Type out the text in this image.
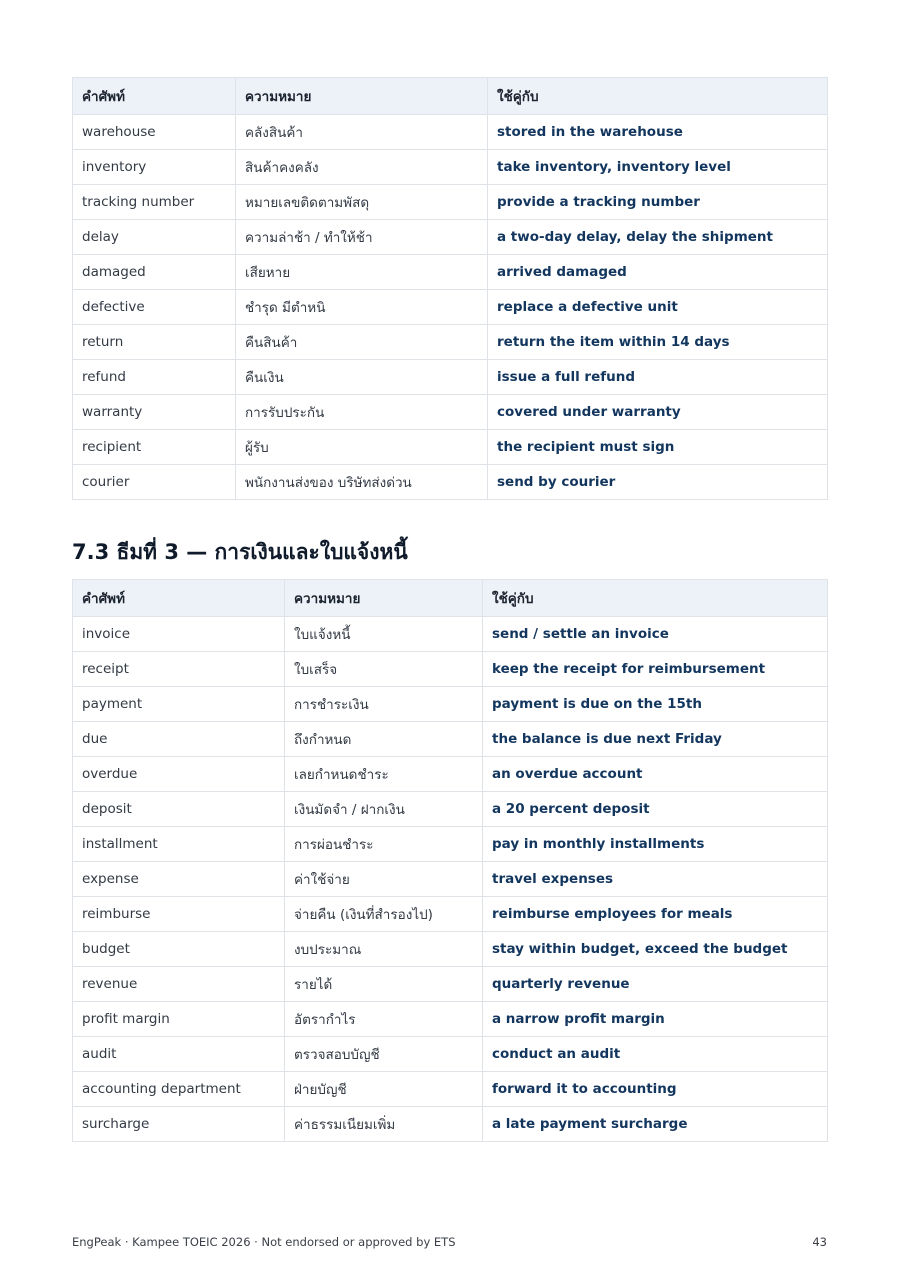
คำศัพท์	ความหมาย	ใช้คู่กับ
warehouse	คลังสินค้า	stored in the warehouse
inventory	สินค้าคงคลัง	take inventory, inventory level
tracking number	หมายเลขติดตามพัสดุ	provide a tracking number
delay	ความล่าช้า / ทำให้ช้า	a two-day delay, delay the shipment
damaged	เสียหาย	arrived damaged
defective	ชำรุด มีตำหนิ	replace a defective unit
return	คืนสินค้า	return the item within 14 days
refund	คืนเงิน	issue a full refund
warranty	การรับประกัน	covered under warranty
recipient	ผู้รับ	the recipient must sign
courier	พนักงานส่งของ บริษัทส่งด่วน	send by courier
7.3 ธีมที่ 3 — การเงินและใบแจ้งหนี้
คำศัพท์	ความหมาย	ใช้คู่กับ
invoice	ใบแจ้งหนี้	send / settle an invoice
receipt	ใบเสร็จ	keep the receipt for reimbursement
payment	การชำระเงิน	payment is due on the 15th
due	ถึงกำหนด	the balance is due next Friday
overdue	เลยกำหนดชำระ	an overdue account
deposit	เงินมัดจำ / ฝากเงิน	a 20 percent deposit
installment	การผ่อนชำระ	pay in monthly installments
expense	ค่าใช้จ่าย	travel expenses
reimburse	จ่ายคืน (เงินที่สำรองไป)	reimburse employees for meals
budget	งบประมาณ	stay within budget, exceed the budget
revenue	รายได้	quarterly revenue
profit margin	อัตรากำไร	a narrow profit margin
audit	ตรวจสอบบัญชี	conduct an audit
accounting department	ฝ่ายบัญชี	forward it to accounting
surcharge	ค่าธรรมเนียมเพิ่ม	a late payment surcharge
EngPeak · Kampee TOEIC 2026 · Not endorsed or approved by ETS	43
